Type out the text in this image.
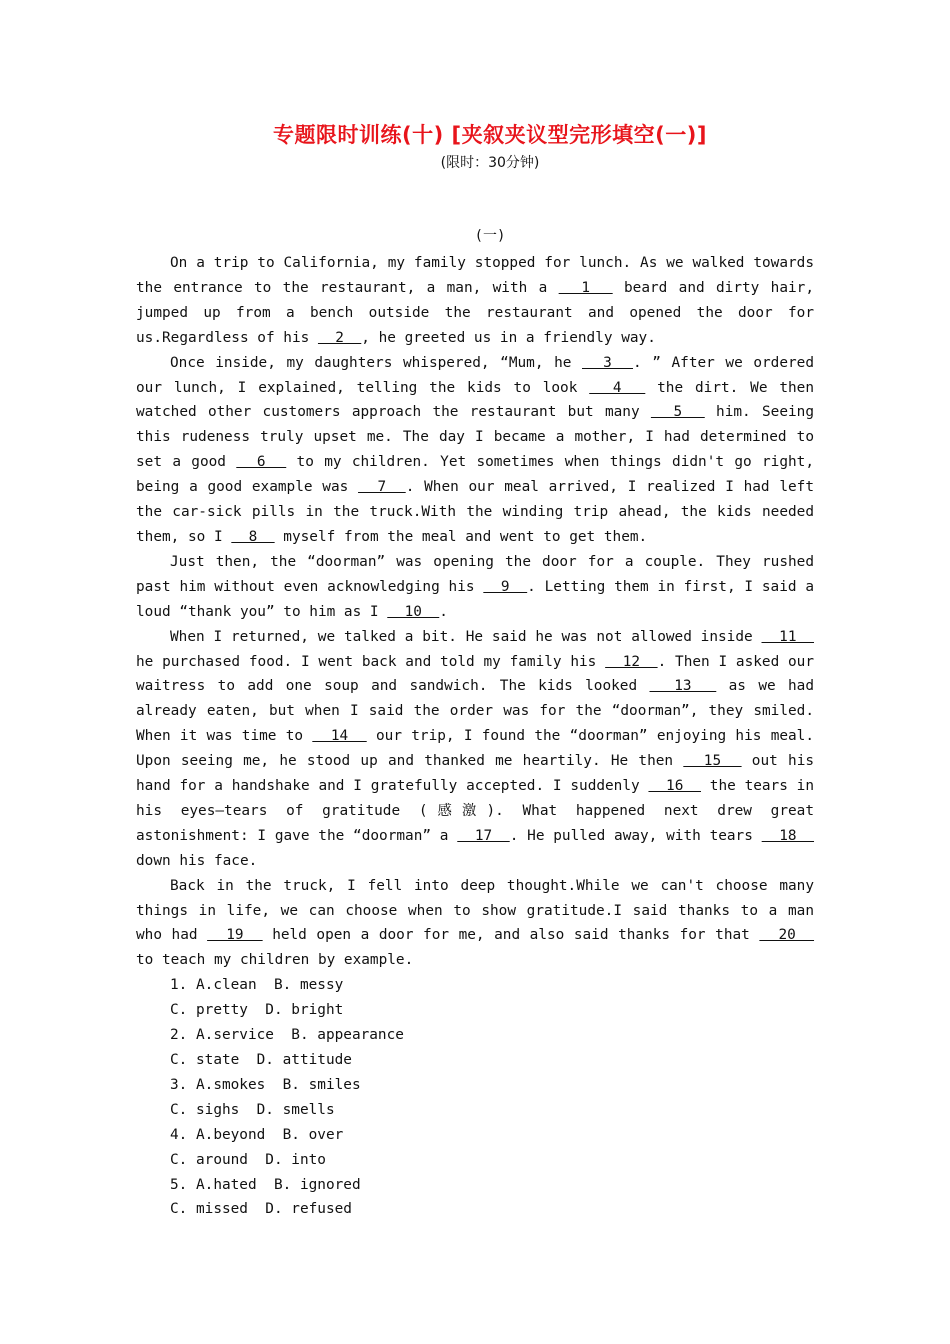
专题限时训练(十) [夹叙夹议型完形填空(一)]
(限时：30分钟)
(一)

On a trip to California, my family stopped for lunch. As we walked towards the entrance to the restaurant, a man, with a   1   beard and dirty hair, jumped up from a bench outside the restaurant and opened the door for us.Regardless of his   2  , he greeted us in a friendly way.

Once inside, my daughters whispered, “Mum, he   3  . ” After we ordered our lunch, I explained, telling the kids to look   4   the dirt. We then watched other customers approach the restaurant but many   5   him. Seeing this rudeness truly upset me. The day I became a mother, I had determined to set a good   6   to my children. Yet sometimes when things didn't go right, being a good example was   7  . When our meal arrived, I realized I had left the car-sick pills in the truck.With the winding trip ahead, the kids needed them, so I   8   myself from the meal and went to get them.

Just then, the “doorman” was opening the door for a couple. They rushed past him without even acknowledging his   9  . Letting them in first, I said a loud “thank you” to him as I   10  .

When I returned, we talked a bit. He said he was not allowed inside   11   he purchased food. I went back and told my family his   12  . Then I asked our waitress to add one soup and sandwich. The kids looked   13   as we had already eaten, but when I said the order was for the “doorman”, they smiled. When it was time to   14   our trip, I found the “doorman” enjoying his meal. Upon seeing me, he stood up and thanked me heartily. He then   15   out his hand for a handshake and I gratefully accepted. I suddenly   16   the tears in his eyes—tears of gratitude (感激). What happened next drew great astonishment: I gave the “doorman” a   17  . He pulled away, with tears   18   down his face.

Back in the truck, I fell into deep thought.While we can't choose many things in life, we can choose when to show gratitude.I said thanks to a man who had   19   held open a door for me, and also said thanks for that   20   to teach my children by example.

1. A.clean  B. messy
C. pretty  D. bright
2. A.service  B. appearance
C. state  D. attitude
3. A.smokes  B. smiles
C. sighs  D. smells
4. A.beyond  B. over
C. around  D. into
5. A.hated  B. ignored
C. missed  D. refused
